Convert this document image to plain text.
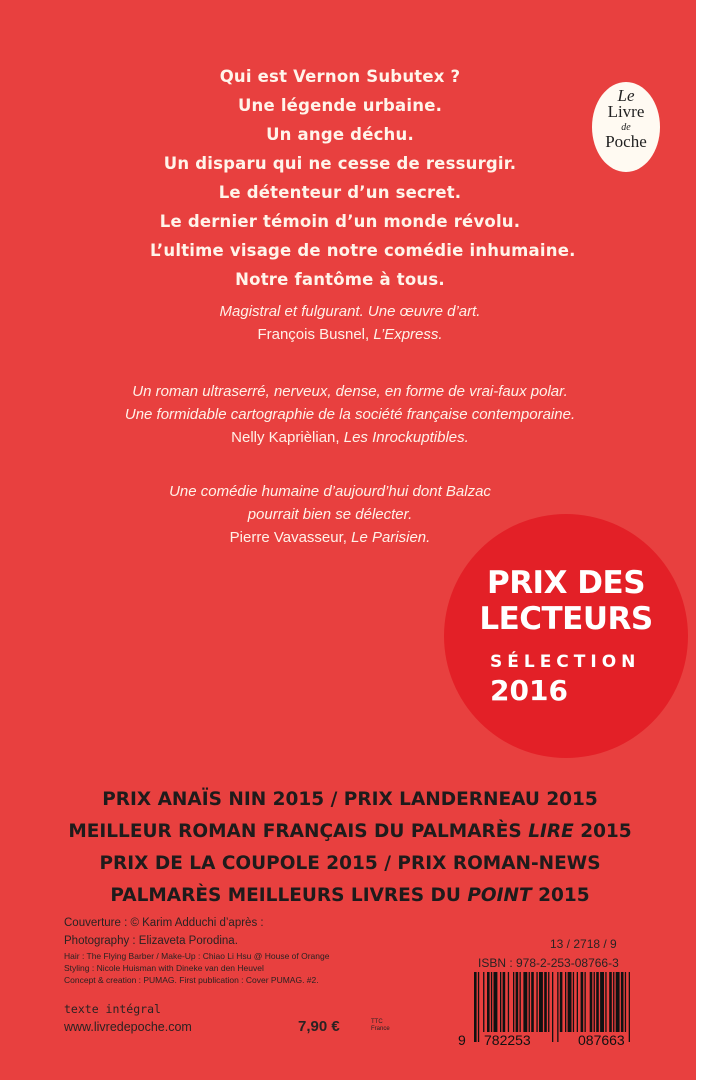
Qui est Vernon Subutex ?
Une légende urbaine.
Un ange déchu.
Un disparu qui ne cesse de ressurgir.
Le détenteur d’un secret.
Le dernier témoin d’un monde révolu.
L’ultime visage de notre comédie inhumaine.
Notre fantôme à tous.
Le
Livre
de
Poche
Magistral et fulgurant. Une œuvre d’art.
François Busnel, L’Express.
Un roman ultraserré, nerveux, dense, en forme de vrai-faux polar.
Une formidable cartographie de la société française contemporaine.
Nelly Kaprièlian, Les Inrockuptibles.
Une comédie humaine d’aujourd’hui dont Balzac
pourrait bien se délecter.
Pierre Vavasseur, Le Parisien.
PRIX DES
LECTEURS
SÉLECTION
2016
PRIX ANAÏS NIN 2015 / PRIX LANDERNEAU 2015
MEILLEUR ROMAN FRANÇAIS DU PALMARÈS LIRE 2015
PRIX DE LA COUPOLE 2015 / PRIX ROMAN-NEWS
PALMARÈS MEILLEURS LIVRES DU POINT 2015
Couverture : © Karim Adduchi d’après :
Photography : Elizaveta Porodina.
Hair : The Flying Barber / Make-Up : Chiao Li Hsu @ House of Orange
Styling : Nicole Huisman with Dineke van den Heuvel
Concept & creation : PUMAG. First publication : Cover PUMAG. #2.
texte intégral
www.livredepoche.com	7,90 €	TTC
France
13 / 2718 / 9
ISBN : 978-2-253-08766-3
9 782253	087663
